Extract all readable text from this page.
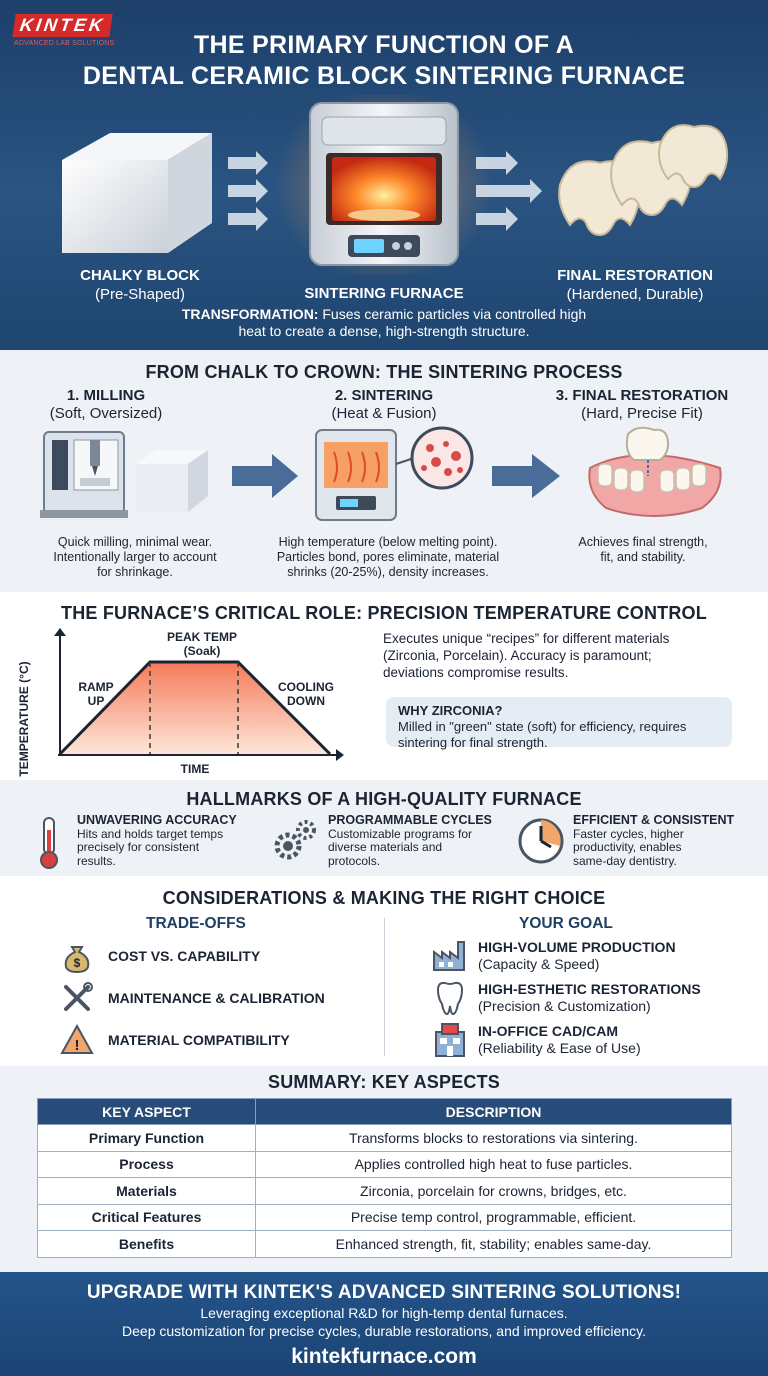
KINTEK
ADVANCED LAB SOLUTIONS	THE PRIMARY FUNCTION OF A
DENTAL CERAMIC BLOCK SINTERING FURNACE
CHALKY BLOCK
(Pre-Shaped)	SINTERING FURNACE
FINAL RESTORATION
(Hardened, Durable)
TRANSFORMATION: Fuses ceramic particles via controlled high
heat to create a dense, high-strength structure.
FROM CHALK TO CROWN: THE SINTERING PROCESS
1. MILLING
(Soft, Oversized)
2. SINTERING
(Heat & Fusion)
3. FINAL RESTORATION
(Hard, Precise Fit)
Quick milling, minimal wear.
Intentionally larger to account
for shrinkage.
High temperature (below melting point).
Particles bond, pores eliminate, material
shrinks (20-25%), density increases.
Achieves final strength,
fit, and stability.
THE FURNACE’S CRITICAL ROLE: PRECISION TEMPERATURE CONTROL
TEMPERATURE (°C)	TIME
RAMP
UP
PEAK TEMP
(Soak)
COOLING
DOWN
Executes unique “recipes” for different materials
(Zirconia, Porcelain). Accuracy is paramount;
deviations compromise results.
WHY ZIRCONIA?
Milled in "green" state (soft) for efficiency, requires
sintering for final strength.
HALLMARKS OF A HIGH-QUALITY FURNACE
UNWAVERING ACCURACY
Hits and holds target temps
precisely for consistent
results.
PROGRAMMABLE CYCLES
Customizable programs for
diverse materials and
protocols.
EFFICIENT & CONSISTENT
Faster cycles, higher
productivity, enables
same-day dentistry.
CONSIDERATIONS & MAKING THE RIGHT CHOICE
TRADE-OFFS	YOUR GOAL
$ COST VS. CAPABILITY
MAINTENANCE & CALIBRATION
! MATERIAL COMPATIBILITY
HIGH-VOLUME PRODUCTION
(Capacity & Speed)
HIGH-ESTHETIC RESTORATIONS
(Precision & Customization)
IN-OFFICE CAD/CAM
(Reliability & Ease of Use)
SUMMARY: KEY ASPECTS
KEY ASPECT	DESCRIPTION
Primary Function	Transforms blocks to restorations via sintering.
Process	Applies controlled high heat to fuse particles.
Materials	Zirconia, porcelain for crowns, bridges, etc.
Critical Features	Precise temp control, programmable, efficient.
Benefits	Enhanced strength, fit, stability; enables same-day.
UPGRADE WITH KINTEK'S ADVANCED SINTERING SOLUTIONS!
Leveraging exceptional R&D for high-temp dental furnaces.
Deep customization for precise cycles, durable restorations, and improved efficiency.
kintekfurnace.com
